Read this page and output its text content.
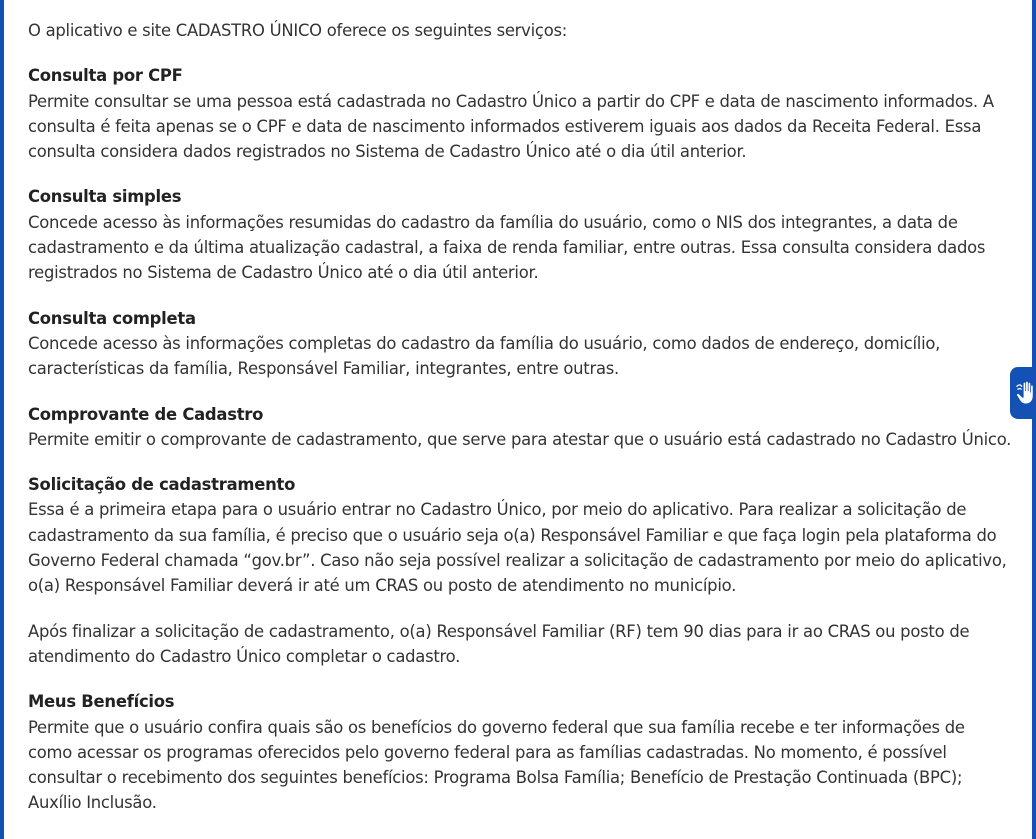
O aplicativo e site CADASTRO ÚNICO oferece os seguintes serviços:

Consulta por CPF
Permite consultar se uma pessoa está cadastrada no Cadastro Único a partir do CPF e data de nascimento informados. A consulta é feita apenas se o CPF e data de nascimento informados estiverem iguais aos dados da Receita Federal. Essa consulta considera dados registrados no Sistema de Cadastro Único até o dia útil anterior.

Consulta simples
Concede acesso às informações resumidas do cadastro da família do usuário, como o NIS dos integrantes, a data de cadastramento e da última atualização cadastral, a faixa de renda familiar, entre outras. Essa consulta considera dados registrados no Sistema de Cadastro Único até o dia útil anterior.

Consulta completa
Concede acesso às informações completas do cadastro da família do usuário, como dados de endereço, domicílio, características da família, Responsável Familiar, integrantes, entre outras.

Comprovante de Cadastro
Permite emitir o comprovante de cadastramento, que serve para atestar que o usuário está cadastrado no Cadastro Único.

Solicitação de cadastramento
Essa é a primeira etapa para o usuário entrar no Cadastro Único, por meio do aplicativo. Para realizar a solicitação de cadastramento da sua família, é preciso que o usuário seja o(a) Responsável Familiar e que faça login pela plataforma do Governo Federal chamada “gov.br”. Caso não seja possível realizar a solicitação de cadastramento por meio do aplicativo, o(a) Responsável Familiar deverá ir até um CRAS ou posto de atendimento no município.

Após finalizar a solicitação de cadastramento, o(a) Responsável Familiar (RF) tem 90 dias para ir ao CRAS ou posto de atendimento do Cadastro Único completar o cadastro.

Meus Benefícios
Permite que o usuário confira quais são os benefícios do governo federal que sua família recebe e ter informações de como acessar os programas oferecidos pelo governo federal para as famílias cadastradas. No momento, é possível consultar o recebimento dos seguintes benefícios: Programa Bolsa Família; Benefício de Prestação Continuada (BPC); Auxílio Inclusão.
